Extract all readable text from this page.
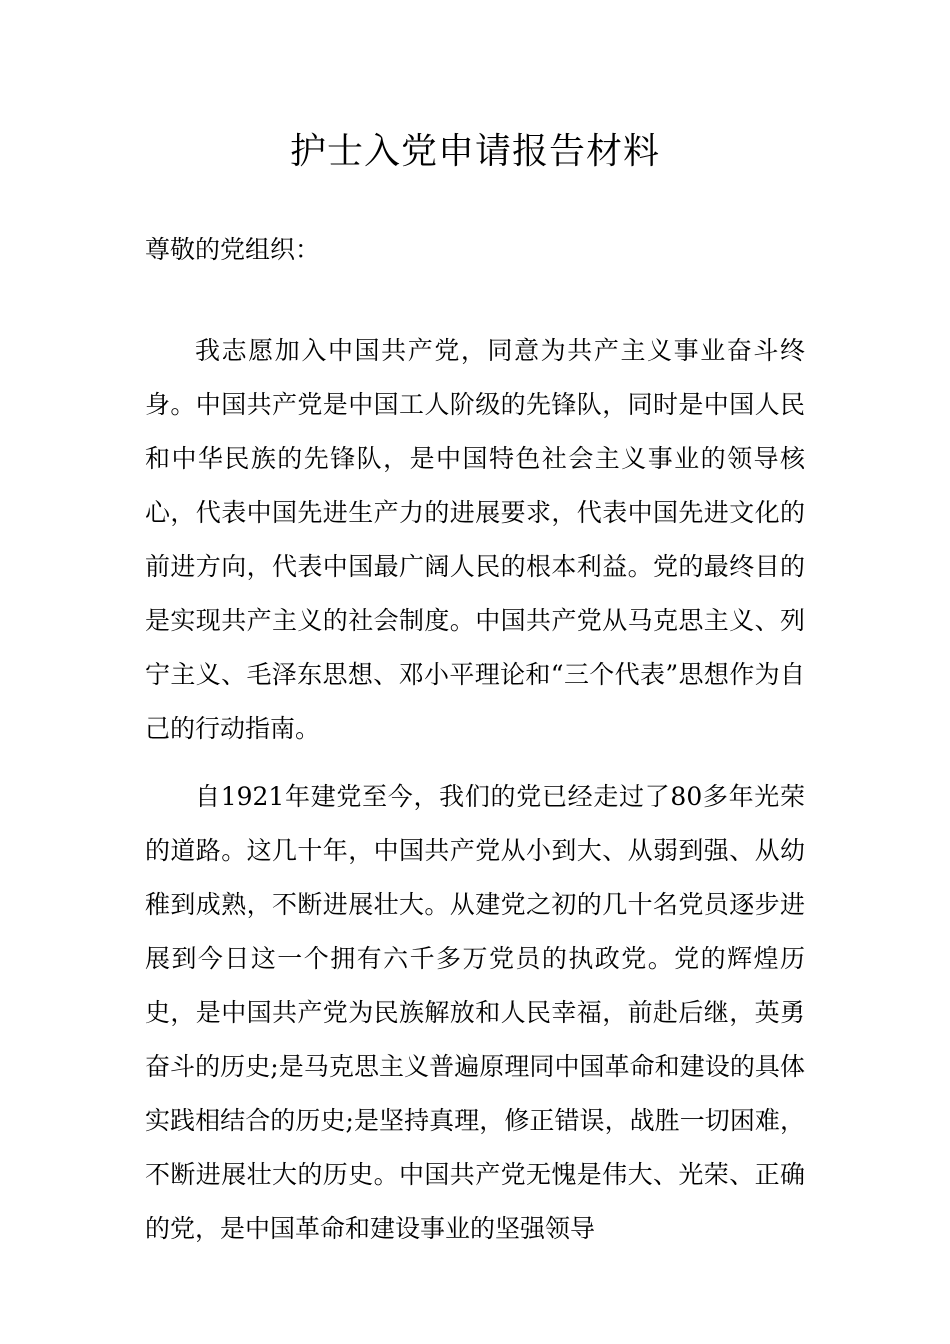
护士入党申请报告材料
尊敬的党组织：

我志愿加入中国共产党，同意为共产主义事业奋斗终身。中国共产党是中国工人阶级的先锋队，同时是中国人民和中华民族的先锋队，是中国特色社会主义事业的领导核心，代表中国先进生产力的进展要求，代表中国先进文化的前进方向，代表中国最广阔人民的根本利益。党的最终目的是实现共产主义的社会制度。中国共产党从马克思主义、列宁主义、毛泽东思想、邓小平理论和“三个代表”思想作为自己的行动指南。

自1921年建党至今，我们的党已经走过了80多年光荣的道路。这几十年，中国共产党从小到大、从弱到强、从幼稚到成熟，不断进展壮大。从建党之初的几十名党员逐步进展到今日这一个拥有六千多万党员的执政党。党的辉煌历史，是中国共产党为民族解放和人民幸福，前赴后继，英勇奋斗的历史;是马克思主义普遍原理同中国革命和建设的具体实践相结合的历史;是坚持真理，修正错误，战胜一切困难，不断进展壮大的历史。中国共产党无愧是伟大、光荣、正确的党，是中国革命和建设事业的坚强领导
